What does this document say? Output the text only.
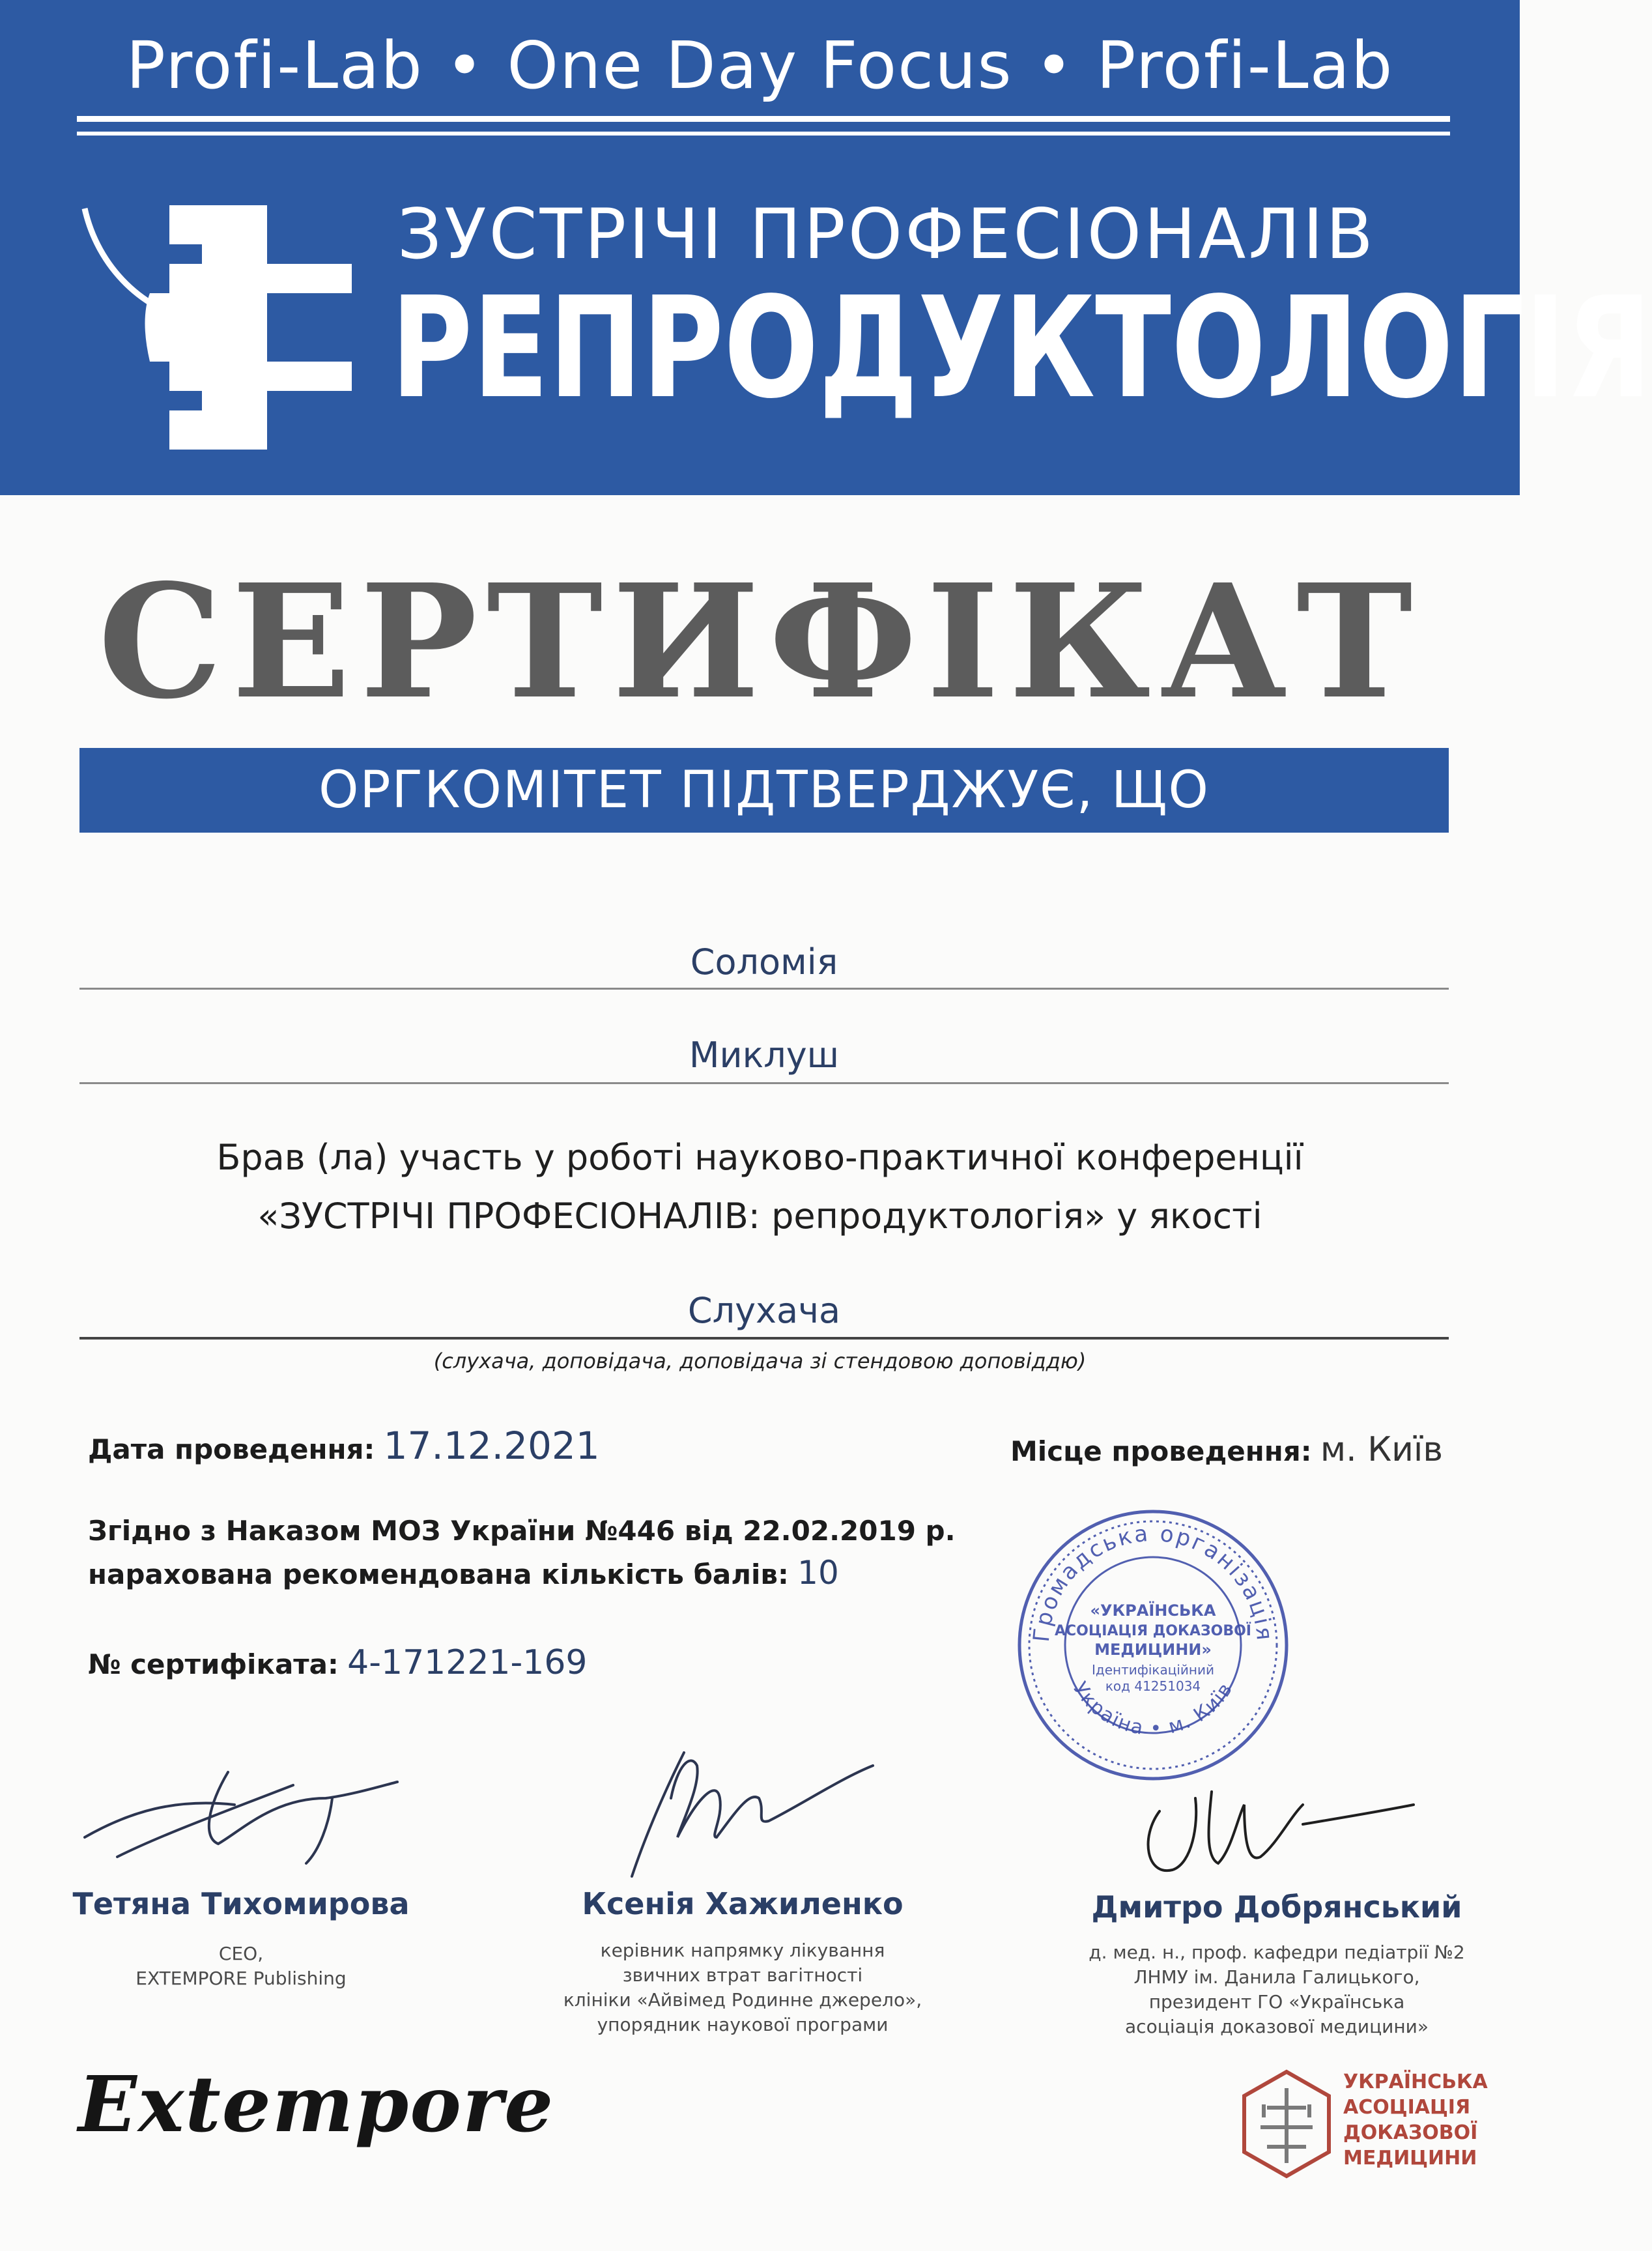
Profi-Lab • One Day Focus • Profi-Lab
ЗУСТРІЧІ ПРОФЕСІОНАЛІВ
РЕПРОДУКТОЛОГІЯ
СЕРТИФІКАТ
ОРГКОМІТЕТ ПІДТВЕРДЖУЄ, ЩО
Соломія
Миклуш
Брав (ла) участь у роботі науково-практичної конференції
«ЗУСТРІЧІ ПРОФЕСІОНАЛІВ: репродуктологія» у якості
Слухача
(слухача, доповідача, доповідача зі стендовою доповіддю)
Дата проведення: 17.12.2021	Місце проведення: м. Київ
Згідно з Наказом МОЗ України №446 від 22.02.2019 р.
нарахована рекомендована кількість балів: 10
№ сертифіката: 4-171221-169
Громадська організація
Україна • м. Київ
«УКРАЇНСЬКА
АСОЦІАЦІЯ ДОКАЗОВОЇ
МЕДИЦИНИ»
Ідентифікаційний
код 41251034
Тетяна Тихомирова
CEO,
EXTEMPORE Publishing
Ксенія Хажиленко
керівник напрямку лікування
звичних втрат вагітності
клініки «Айвімед Родинне джерело»,
упорядник наукової програми
Дмитро Добрянський
д. мед. н., проф. кафедри педіатрії №2
ЛНМУ ім. Данила Галицького,
президент ГО «Українська
асоціація доказової медицини»
Extempore	УКРАЇНСЬКА
АСОЦІАЦІЯ
ДОКАЗОВОЇ
МЕДИЦИНИ
